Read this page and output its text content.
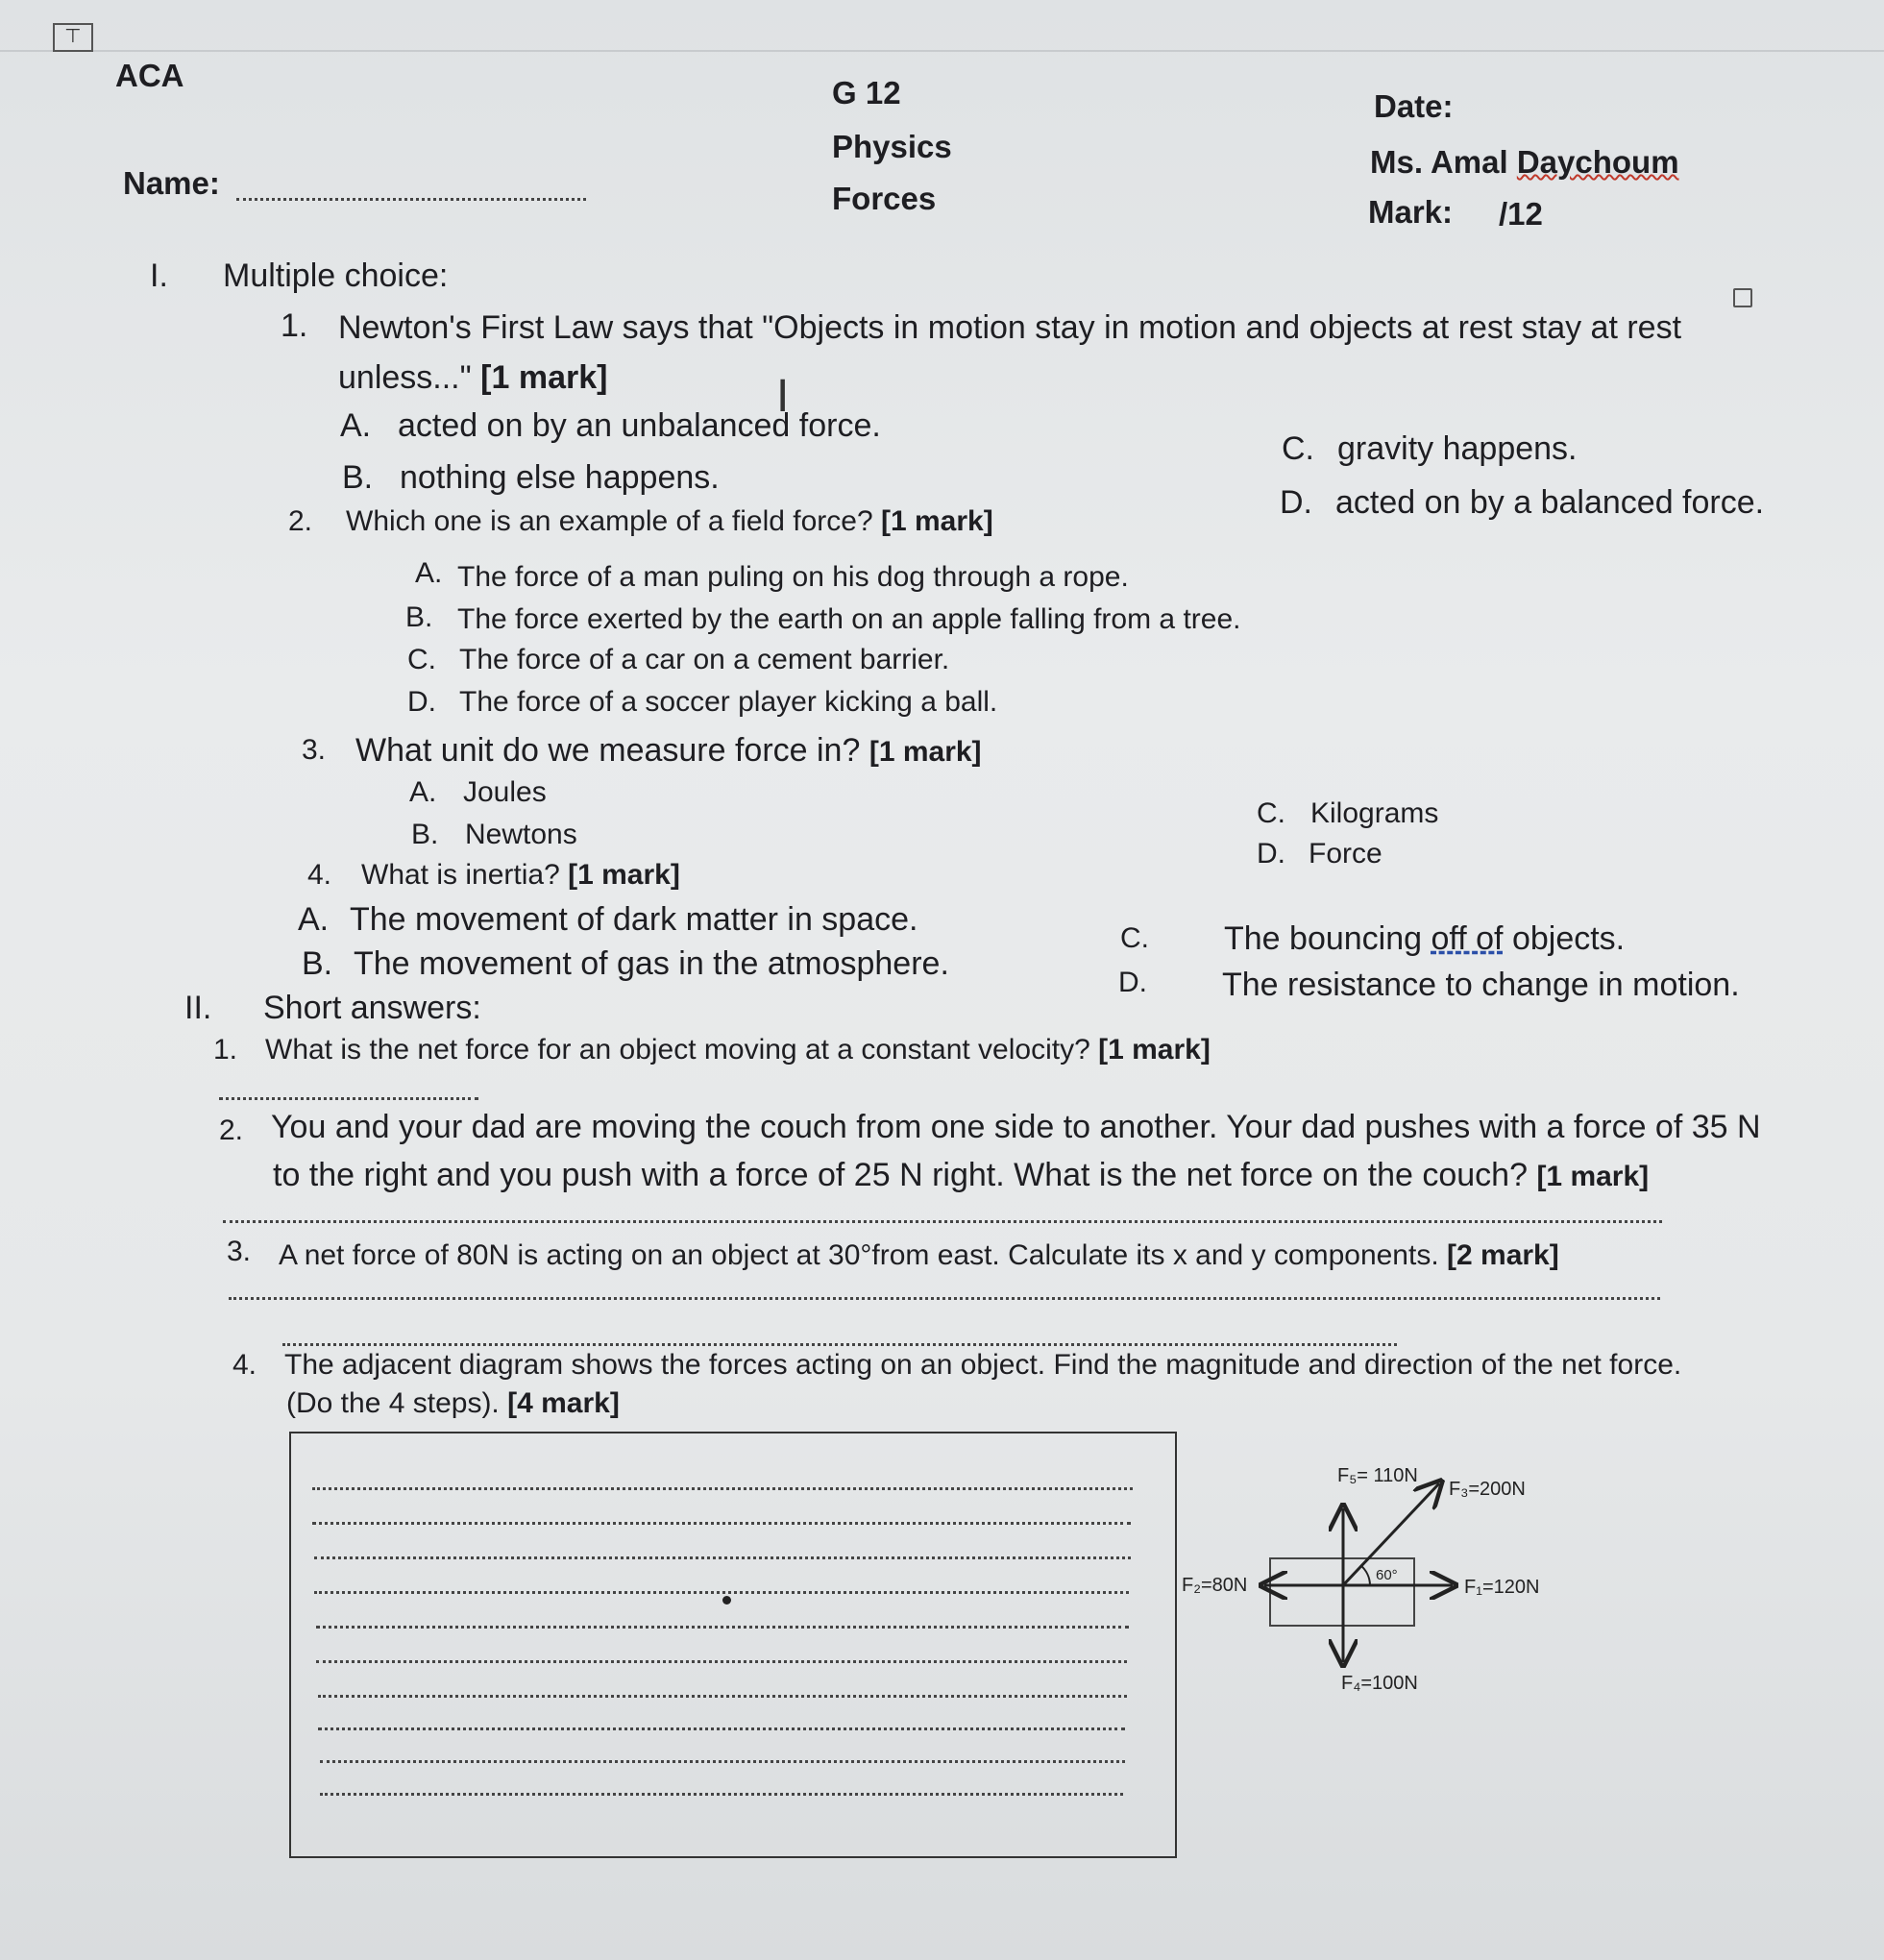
⊤
I
ACA	G 12
Physics
Forces
Date:
Ms. Amal Daychoum
Mark: /12
Name:
I. Multiple choice:
1. Newton's First Law says that "Objects in motion stay in motion and objects at rest stay at rest
unless..." [1 mark]
A. acted on by an unbalanced force.
B. nothing else happens.
C. gravity happens.
D. acted on by a balanced force.
2. Which one is an example of a field force? [1 mark]
A. The force of a man puling on his dog through a rope.
B. The force exerted by the earth on an apple falling from a tree.
C. The force of a car on a cement barrier.
D. The force of a soccer player kicking a ball.
3. What unit do we measure force in? [1 mark]
A. Joules
B. Newtons
C. Kilograms
D. Force
4. What is inertia? [1 mark]
A. The movement of dark matter in space.
B. The movement of gas in the atmosphere.
C. The bouncing off of objects.
D. The resistance to change in motion.
II. Short answers:
1. What is the net force for an object moving at a constant velocity? [1 mark]
2. You and your dad are moving the couch from one side to another. Your dad pushes with a force of 35 N
to the right and you push with a force of 25 N right. What is the net force on the couch? [1 mark]
3. A net force of 80N is acting on an object at 30°from east. Calculate its x and y components. [2 mark]
4. The adjacent diagram shows the forces acting on an object. Find the magnitude and direction of the net force.
(Do the 4 steps). [4 mark]
60°
F₅= 110N
F₃=200N
F₂=80N	F₁=120N
F₄=100N
